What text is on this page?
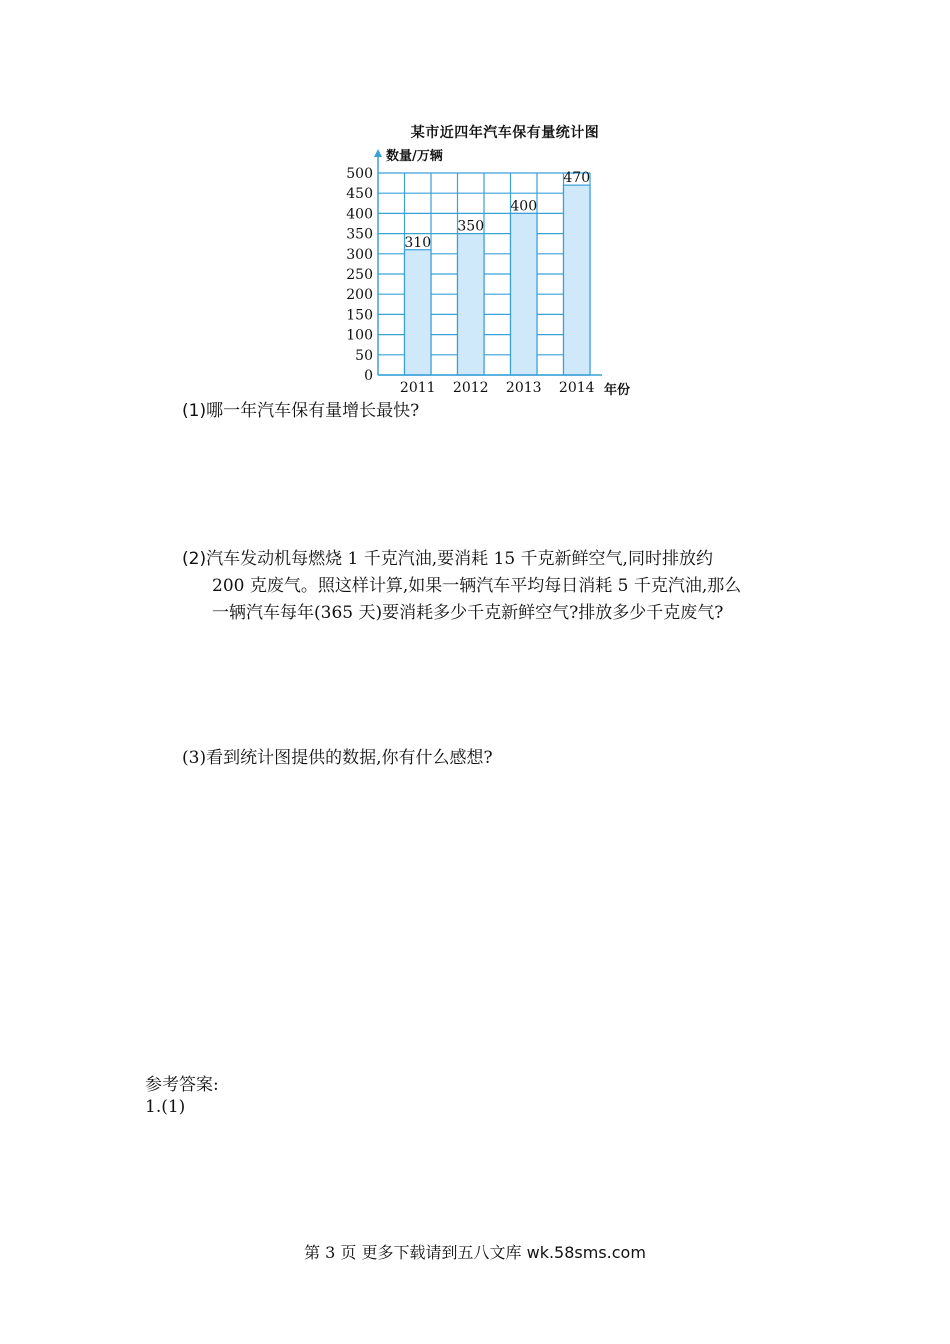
某市近四年汽车保有量统计图
0
50
100
150
200
250
300
350
400
450
500
310
2011
350
2012
400
2013
470
2014
数量/万辆
年份
(1)哪一年汽车保有量增长最快?
(2)汽车发动机每燃烧 1 千克汽油,要消耗 15 千克新鲜空气,同时排放约
200 克废气。照这样计算,如果一辆汽车平均每日消耗 5 千克汽油,那么
一辆汽车每年(365 天)要消耗多少千克新鲜空气?排放多少千克废气?
(3)看到统计图提供的数据,你有什么感想?
参考答案:
1.(1)
第 3 页 更多下载请到五八文库 wk.58sms.com
